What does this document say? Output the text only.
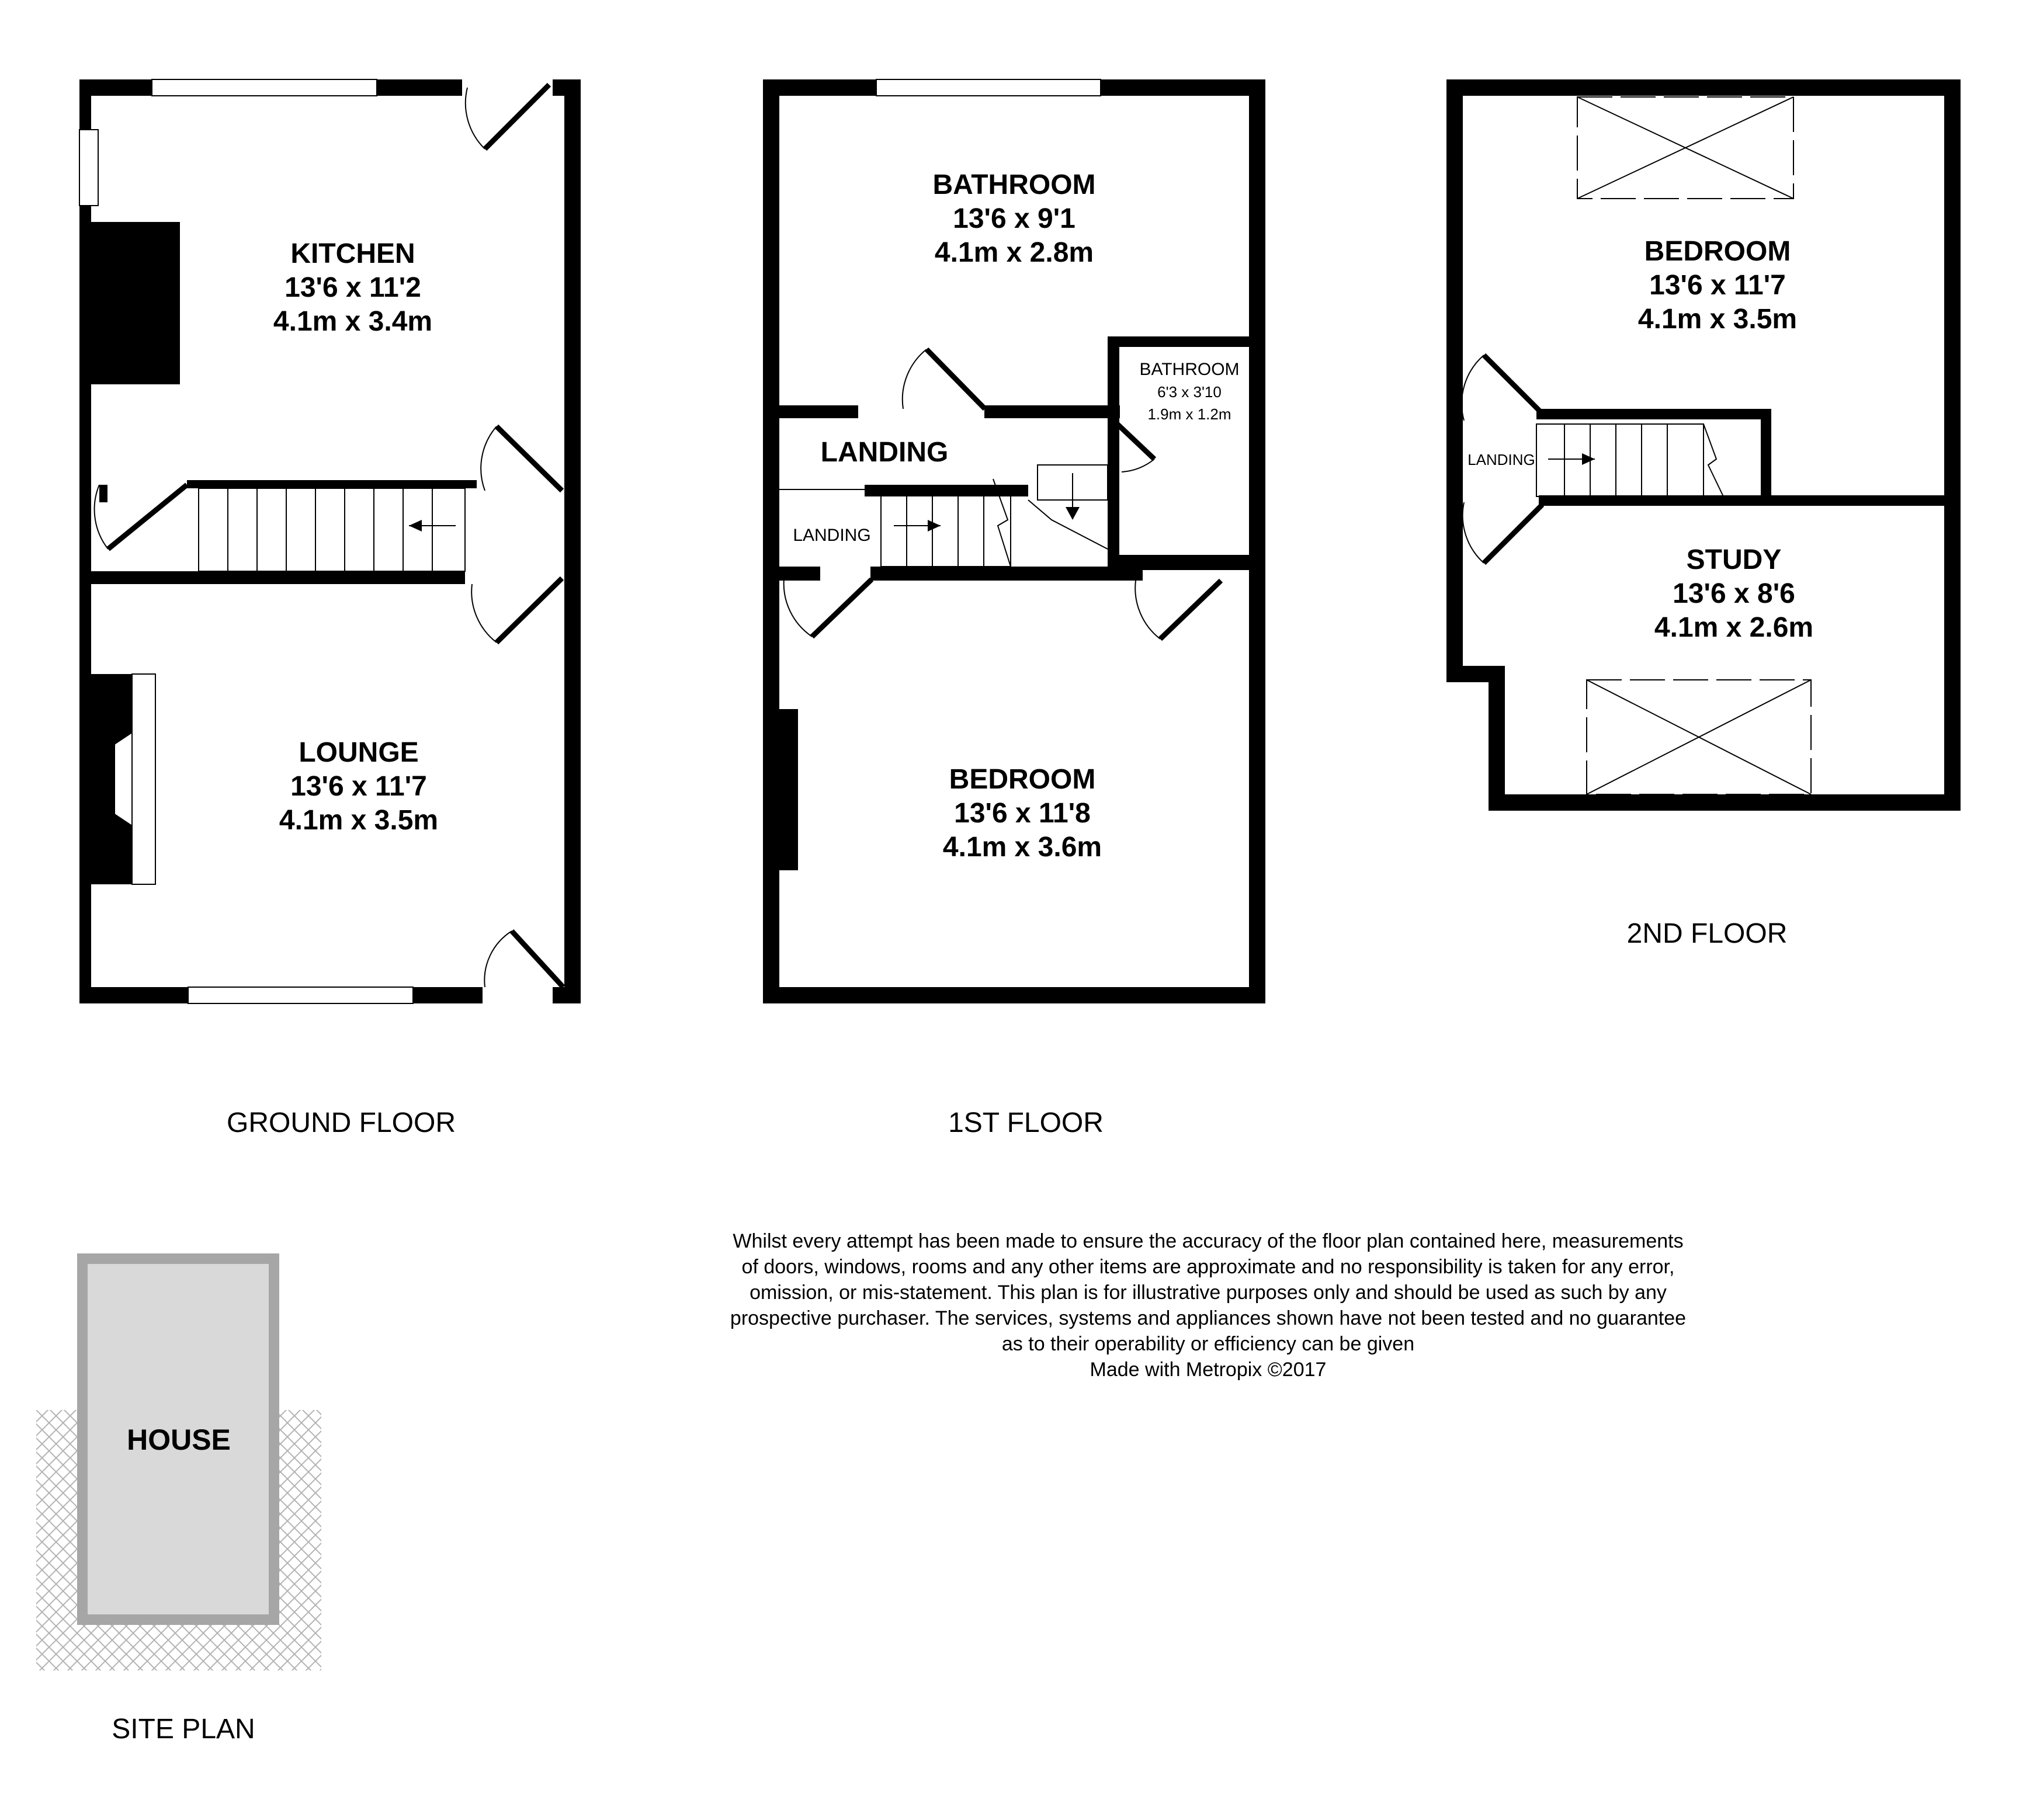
KITCHEN
13'6 x 11'2
4.1m x 3.4m
LOUNGE
13'6 x 11'7
4.1m x 3.5m
GROUND FLOOR
BATHROOM
13'6 x 9'1
4.1m x 2.8m
BATHROOM
6'3 x 3'10
1.9m x 1.2m
LANDING
LANDING
BEDROOM
13'6 x 11'8
4.1m x 3.6m
1ST FLOOR
BEDROOM
13'6 x 11'7
4.1m x 3.5m
LANDING
STUDY
13'6 x 8'6
4.1m x 2.6m
2ND FLOOR
HOUSE
SITE PLAN
Whilst every attempt has been made to ensure the accuracy of the floor plan contained here, measurements
of doors, windows, rooms and any other items are approximate and no responsibility is taken for any error,
omission, or mis-statement. This plan is for illustrative purposes only and should be used as such by any
prospective purchaser. The services, systems and appliances shown have not been tested and no guarantee
as to their operability or efficiency can be given
Made with Metropix ©2017
